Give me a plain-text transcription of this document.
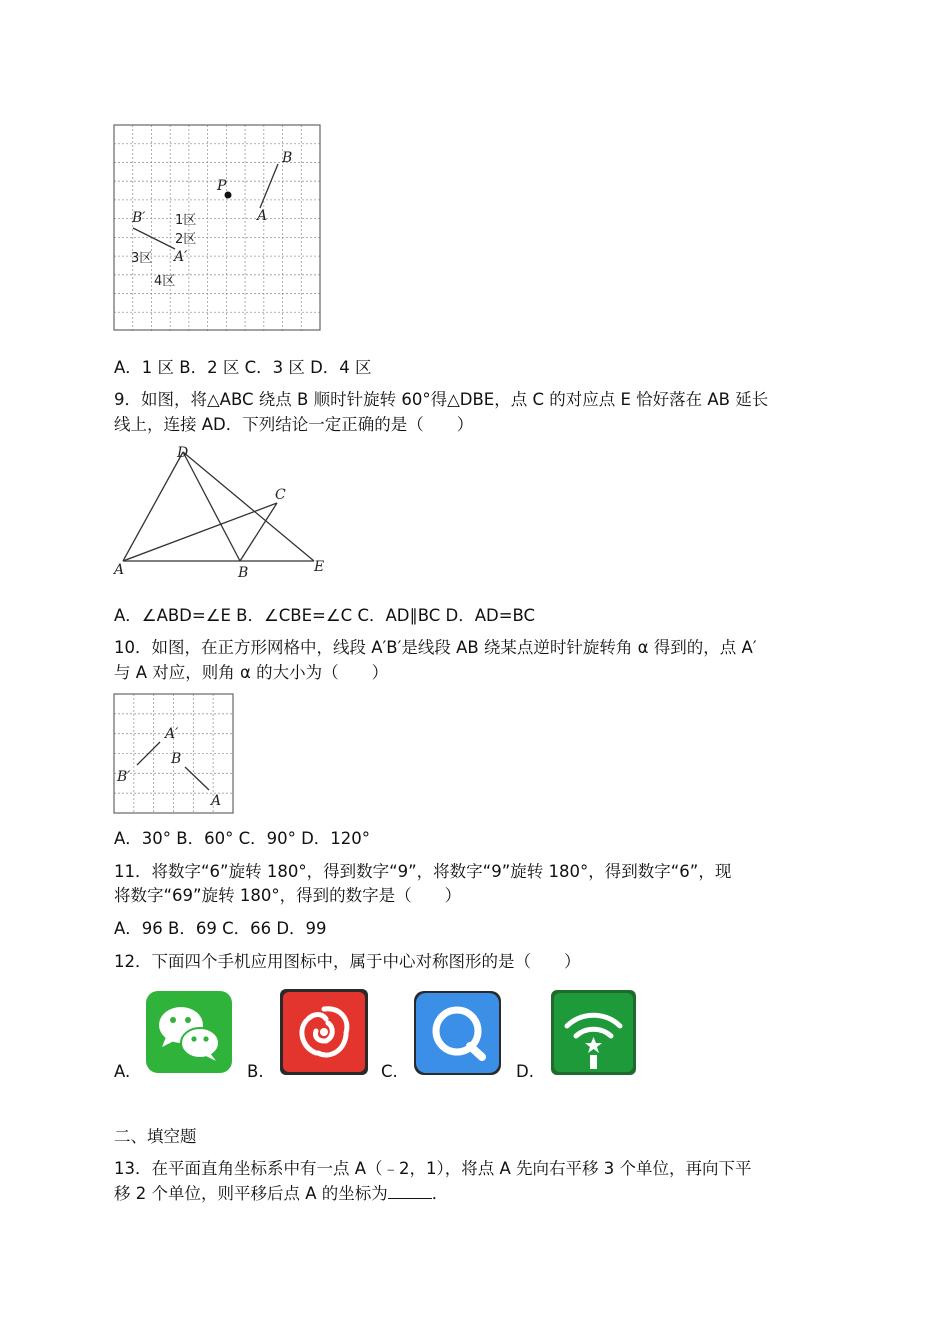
B
P
A
B′
A′
1区
2区
3区
4区
A．1 区 B．2 区 C．3 区 D．4 区
9．如图，将△ABC 绕点 B 顺时针旋转 60°得△DBE，点 C 的对应点 E 恰好落在 AB 延长
线上，连接 AD．下列结论一定正确的是（　　）
D
C
A	B	E
A．∠ABD=∠E B．∠CBE=∠C C．AD∥BC D．AD=BC
10．如图，在正方形网格中，线段 A′B′是线段 AB 绕某点逆时针旋转角 α 得到的，点 A′
与 A 对应，则角 α 的大小为（　　）
A′
B′
B
A
A．30° B．60° C．90° D．120°
11．将数字“6”旋转 180°，得到数字“9”，将数字“9”旋转 180°，得到数字“6”，现
将数字“69”旋转 180°，得到的数字是（　　）
A．96 B．69 C．66 D．99
12．下面四个手机应用图标中，属于中心对称图形的是（　　）
A.	B.	C.	D.
二、填空题
13．在平面直角坐标系中有一点 A（﹣2，1），将点 A 先向右平移 3 个单位，再向下平
移 2 个单位，则平移后点 A 的坐标为	．
